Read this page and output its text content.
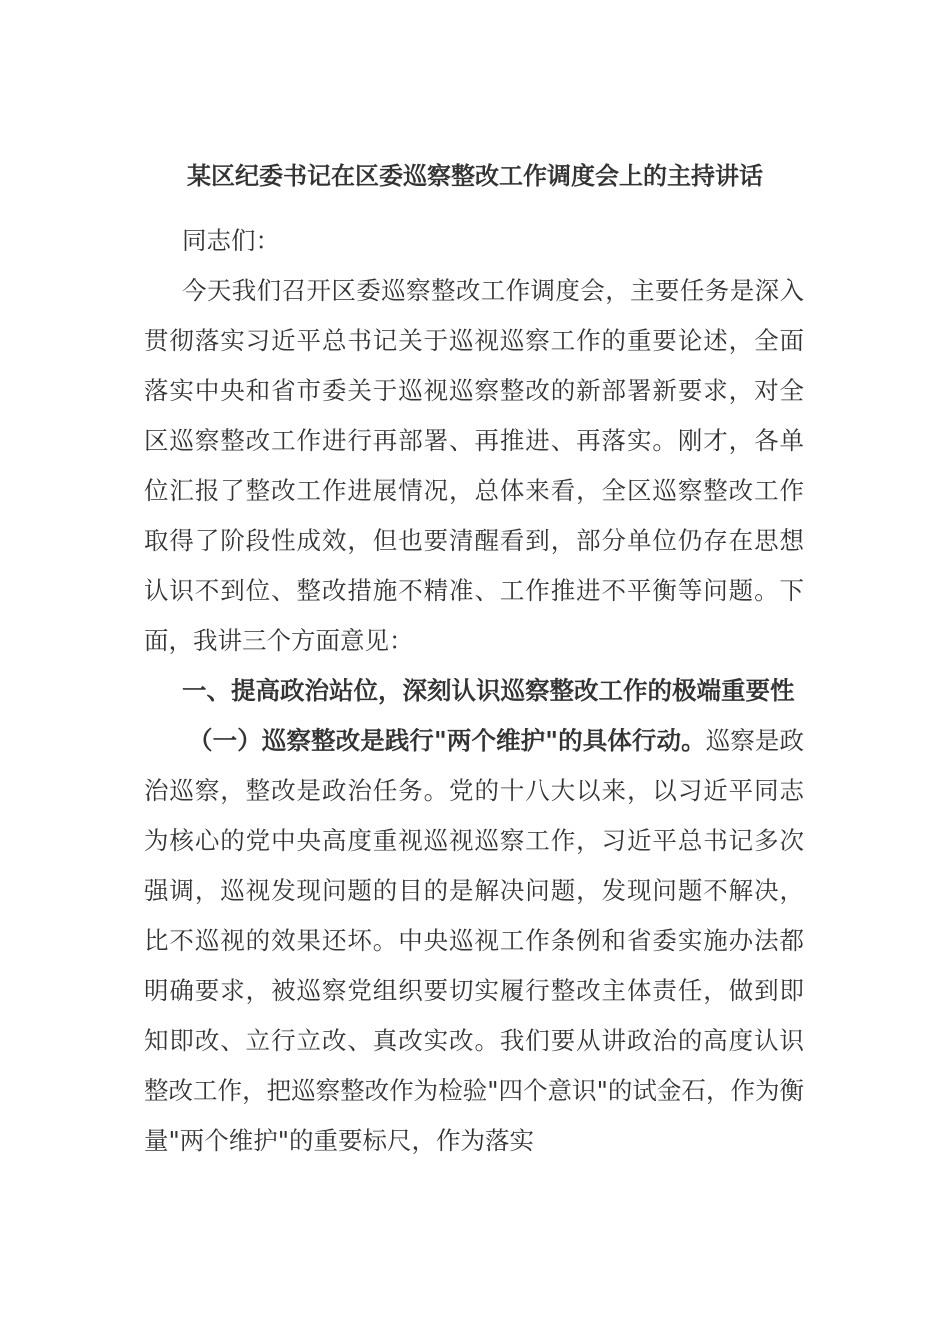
某区纪委书记在区委巡察整改工作调度会上的主持讲话

同志们：

今天我们召开区委巡察整改工作调度会，主要任务是深入贯彻落实习近平总书记关于巡视巡察工作的重要论述，全面落实中央和省市委关于巡视巡察整改的新部署新要求，对全区巡察整改工作进行再部署、再推进、再落实。刚才，各单位汇报了整改工作进展情况，总体来看，全区巡察整改工作取得了阶段性成效，但也要清醒看到，部分单位仍存在思想认识不到位、整改措施不精准、工作推进不平衡等问题。下面，我讲三个方面意见：

一、提高政治站位，深刻认识巡察整改工作的极端重要性

（一）巡察整改是践行"两个维护"的具体行动。巡察是政治巡察，整改是政治任务。党的十八大以来，以习近平同志为核心的党中央高度重视巡视巡察工作，习近平总书记多次强调，巡视发现问题的目的是解决问题，发现问题不解决，比不巡视的效果还坏。中央巡视工作条例和省委实施办法都明确要求，被巡察党组织要切实履行整改主体责任，做到即知即改、立行立改、真改实改。我们要从讲政治的高度认识整改工作，把巡察整改作为检验"四个意识"的试金石，作为衡量"两个维护"的重要标尺，作为落实
